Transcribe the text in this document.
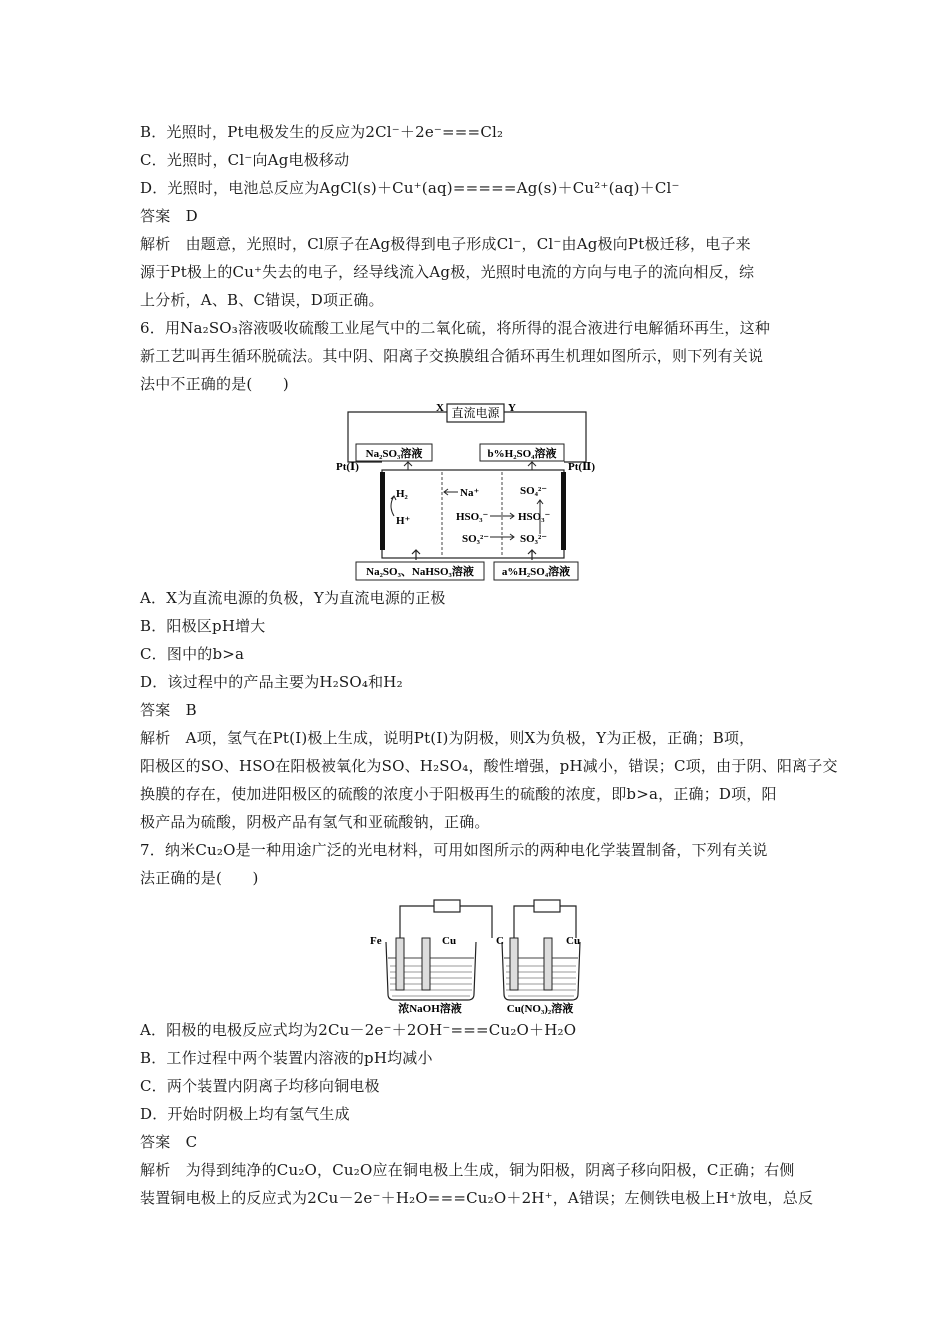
B．光照时，Pt电极发生的反应为2Cl⁻＋2e⁻===Cl₂
C．光照时，Cl⁻向Ag电极移动
D．光照时，电池总反应为AgCl(s)＋Cu⁺(aq)=====Ag(s)＋Cu²⁺(aq)＋Cl⁻
答案　D
解析　由题意，光照时，Cl原子在Ag极得到电子形成Cl⁻，Cl⁻由Ag极向Pt极迁移，电子来
源于Pt极上的Cu⁺失去的电子，经导线流入Ag极，光照时电流的方向与电子的流向相反，综
上分析，A、B、C错误，D项正确。
6．用Na₂SO₃溶液吸收硫酸工业尾气中的二氧化硫，将所得的混合液进行电解循环再生，这种
新工艺叫再生循环脱硫法。其中阴、阳离子交换膜组合循环再生机理如图所示，则下列有关说
法中不正确的是(　　)
直流电源
X	Y
Na₂SO₃溶液	b%H₂SO₄溶液
Pt(Ⅰ)	Pt(Ⅱ)
H₂
H⁺
Na⁺
HSO₃⁻
SO₃²⁻
SO₄²⁻
HSO₃⁻
SO₃²⁻
Na₂SO₃、NaHSO₃溶液	a%H₂SO₄溶液
A．X为直流电源的负极，Y为直流电源的正极
B．阳极区pH增大
C．图中的b>a
D．该过程中的产品主要为H₂SO₄和H₂
答案　B
解析　A项，氢气在Pt(Ⅰ)极上生成，说明Pt(Ⅰ)为阴极，则X为负极，Y为正极，正确；B项，
阳极区的SO、HSO在阳极被氧化为SO、H₂SO₄，酸性增强，pH减小，错误；C项，由于阴、阳离子交
换膜的存在，使加进阳极区的硫酸的浓度小于阳极再生的硫酸的浓度，即b>a，正确；D项，阳
极产品为硫酸，阴极产品有氢气和亚硫酸钠，正确。
7．纳米Cu₂O是一种用途广泛的光电材料，可用如图所示的两种电化学装置制备，下列有关说
法正确的是(　　)
Fe	Cu
浓NaOH溶液
C	Cu
Cu(NO₃)₂溶液
A．阳极的电极反应式均为2Cu－2e⁻＋2OH⁻===Cu₂O＋H₂O
B．工作过程中两个装置内溶液的pH均减小
C．两个装置内阴离子均移向铜电极
D．开始时阴极上均有氢气生成
答案　C
解析　为得到纯净的Cu₂O，Cu₂O应在铜电极上生成，铜为阳极，阴离子移向阳极，C正确；右侧
装置铜电极上的反应式为2Cu－2e⁻＋H₂O===Cu₂O＋2H⁺，A错误；左侧铁电极上H⁺放电，总反
